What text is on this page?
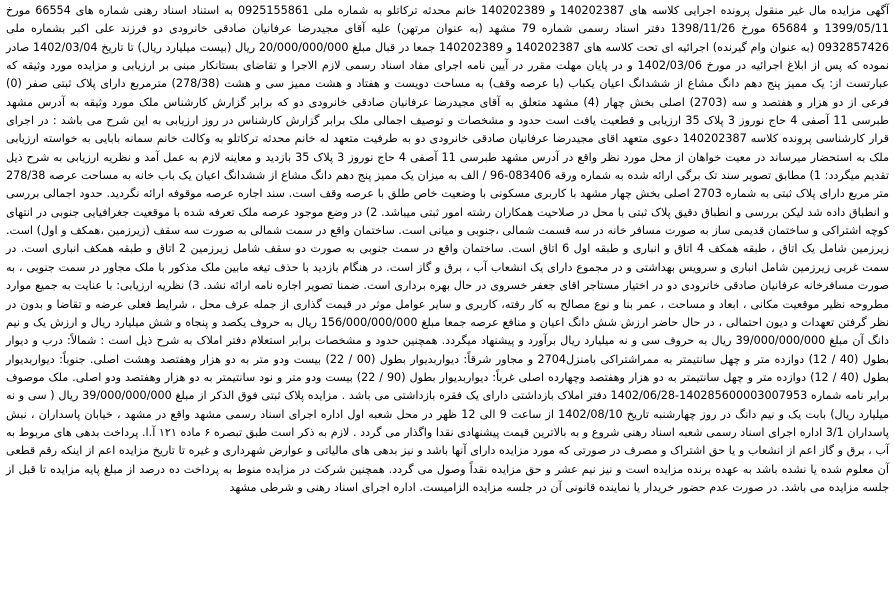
آگهی مزایده مال غیر منقول پرونده اجرایی کلاسه های 140202387 و 140202389 خانم محدثه ترکاتلو به شماره ملی 0925155861 به استناد اسناد رهنی شماره های 66554 مورخ 1399/05/11 و 65684 مورخ 1398/11/26 دفتر اسناد رسمی شماره 79 مشهد (به عنوان مرتهن) علیه آقای مجیدرضا عرفانیان صادقی خانرودی دو فرزند علی اکبر بشماره ملی 0932857426 (به عنوان وام گیرنده) اجرائیه ای تحت کلاسه های 140202387 و 140202389 جمعا در قبال مبلغ 20/000/000/000 ریال (بیست میلیارد ریال) تا تاریخ 1402/03/04 صادر نموده که پس از ابلاغ اجرائیه در مورخ 1402/03/06 و در پایان مهلت مقرر در آیین نامه اجرای مفاد اسناد رسمی لازم الاجرا و تقاضای بستانکار مبنی بر ارزیابی و مزایده مورد وثیقه که عبارتست از: یک ممیز پنج دهم دانگ مشاع از ششدانگ اعیان یکباب (با عرصه وقف) به مساحت دویست و هفتاد و هشت ممیز سی و هشت (278/38) مترمربع دارای پلاک ثبتی صفر (0) فرعی از دو هزار و هفتصد و سه (2703) اصلی بخش چهار (4) مشهد متعلق به آقای مجیدرضا عرفانیان صادقی خانرودی دو که برابر گزارش کارشناس ملک مورد وثیقه به آدرس مشهد طبرسی 11 آصفی 4 حاج نوروز 3 پلاک 35 ارزیابی و قطعیت یافت است حدود و مشخصات و توصیف اجمالی ملک برابر گزارش کارشناس در روز ارزیابی به این شرح می باشد : در اجرای قرار کارشناسی پرونده کلاسه 140202387 دعوی متعهد اقای مجیدرضا عرفانیان صادقی خانرودی دو به طرفیت متعهد له خانم محدثه ترکاتلو به وکالت خانم سمانه بابایی به خواسته ارزیابی ملک به استحضار میرساند در معیت خواهان از محل مورد نظر واقع در آدرس مشهد طبرسی 11 آصفی 4 حاج نوروز 3 پلاک 35 بازدید و معاینه لازم به عمل آمد و نظریه ارزیابی به شرح ذیل تقدیم میگردد: 1) مطابق تصویر سند تک برگی ارائه شده به شماره ورقه 083406-96 / الف به میزان یک ممیز پنج دهم دانگ مشاع از ششدانگ اعیان یک باب خانه به مساحت عرصه 278/38 متر مربع دارای پلاک ثبتی به شماره 2703 اصلی بخش چهار مشهد با کاربری مسکونی با وضعیت خاص طلق با عرصه وقف است. سند اجاره عرصه موقوفه ارائه نگردید. حدود اجمالی بررسی و انطباق داده شد لیکن بررسی و انطباق دقیق پلاک ثبتی با محل در صلاحیت همکاران رشته امور ثبتی میباشد. 2) در وضع موجود عرصه ملک تعرفه شده با موقعیت جغرافیایی جنوبی در انتهای کوچه اشتراکی و ساختمان قدیمی ساز به صورت مسافر خانه در سه قسمت شمالی ،جنوبی و میانی است. ساختمان واقع در سمت شمالی به صورت سه سقف (زیرزمین ،همکف و اول) است. زیرزمین شامل یک اتاق ، طبقه همکف 4 اتاق و انباری و طبقه اول 6 اتاق است. ساختمان واقع در سمت جنوبی به صورت دو سقف شامل زیرزمین 2 اتاق و طبقه همکف انباری است. در سمت غربی زیرزمین شامل انباری و سرویس بهداشتی و در مجموع دارای یک انشعاب آب ، برق و گاز است. در هنگام بازدید با حذف تیغه مابین ملک مذکور با ملک مجاور در سمت جنوبی ، به صورت مسافرخانه عرفانیان صادقی خانرودی دو در اختیار مستاجر اقای جعفر خسروی در حال بهره برداری است. ضمنا تصویر اجاره نامه ارائه نشد. 3) نظریه ارزیابی: با عنایت به جمیع موارد مطروحه نظیر موقعیت مکانی ، ابعاد و مساحت ، عمر بنا و نوع مصالح به کار رفته، کاربری و سایر عوامل موثر در قیمت گذاری از جمله عرف محل ، شرایط فعلی عرضه و تقاضا و بدون در نظر گرفتن تعهدات و دیون احتمالی ، در حال حاضر ارزش شش دانگ اعیان و منافع عرصه جمعا مبلغ 156/000/000/000 ریال به حروف یکصد و پنجاه و شش میلیارد ریال و ارزش یک و نیم دانگ آن مبلغ 39/000/000/000 ریال به حروف سی و نه میلیارد ریال برآورد و پیشنهاد میگردد. همچنین حدود و مشخصات برابر استعلام دفتر املاک به شرح ذیل است : شمالاً: درب و دیوار بطول (40 / 12) دوازده متر و چهل سانتیمتر به ممراشتراکی بامنزل2704 و مجاور شرقاً: دیواربدیوار بطول (00 / 22) بیست ودو متر به دو هزار وهفتصد وهشت اصلی. جنوباً: دیواربدیوار بطول (40 / 12) دوازده متر و چهل سانتیمتر به دو هزار وهفتصد وچهارده اصلی غرباً: دیواربدیوار بطول (90 / 22) بیست ودو متر و نود سانتیمتر به دو هزار وهفتصد ودو اصلی. ملک موصوف برابر نامه شماره 140285600003007953-1402/06/28 دفتر املاک بازداشتی دارای یک فقره بازداشتی می باشد . مزایده پلاک ثبتی فوق الذکر از مبلغ 39/000/000/000 ریال ( سی و نه میلیارد ریال) بابت یک و نیم دانگ در روز چهارشنبه تاریخ 1402/08/10 از ساعت 9 الی 12 ظهر در محل شعبه اول اداره اجرای اسناد رسمی مشهد واقع در مشهد ، خیابان پاسداران ، نبش پاسداران 3/1 اداره اجرای اسناد رسمی شعبه اسناد رهنی شروع و به بالاترین قیمت پیشنهادی نقدا واگذار می گردد . لازم به ذکر است طبق تبصره ۶ ماده ۱۲۱ آ.ا. پرداخت بدهی های مربوط به آب ، برق و گاز اعم از انشعاب و یا حق اشتراک و مصرف در صورتی که مورد مزایده دارای آنها باشد و نیز بدهی های مالیاتی و عوارض شهرداری و غیره تا تاریخ مزایده اعم از اینکه رقم قطعی آن معلوم شده یا نشده باشد به عهده برنده مزایده است و نیز نیم عشر و حق مزایده نقداً وصول می گردد. همچنین شرکت در مزایده منوط به پرداخت ده درصد از مبلغ پایه مزایده تا قبل از جلسه مزایده می باشد. در صورت عدم حضور خریدار یا نماینده قانونی آن در جلسه مزایده الزامیست. اداره اجرای اسناد رهنی و شرطی مشهد
